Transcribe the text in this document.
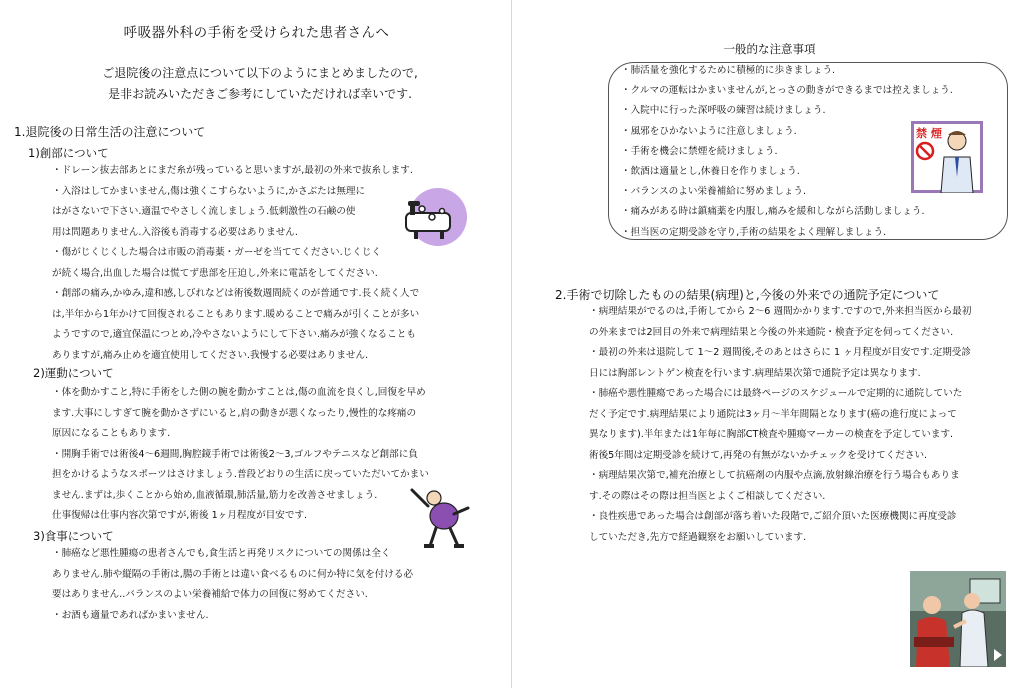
呼吸器外科の手術を受けられた患者さんへ
ご退院後の注意点について以下のようにまとめましたので,
是非お読みいただきご参考にしていただければ幸いです.
1.退院後の日常生活の注意について
1)創部について
・ドレーン抜去部あとにまだ糸が残っていると思いますが,最初の外来で抜糸します.
・入浴はしてかまいません,傷は強くこすらないように,かさぶたは無理に
はがさないで下さい.適温でやさしく流しましょう.低刺激性の石鹸の使
用は問題ありません.入浴後も消毒する必要はありません.
・傷がじくじくした場合は市販の消毒薬・ガーゼを当ててください.じくじく
が続く場合,出血した場合は慌てず患部を圧迫し,外来に電話をしてください.
・創部の痛み,かゆみ,違和感,しびれなどは術後数週間続くのが普通です.長く続く人で
は,半年から1年かけて回復されることもあります.暖めることで痛みが引くことが多い
ようですので,適宜保温につとめ,冷やさないようにして下さい.痛みが強くなることも
ありますが,痛み止めを適宜使用してください.我慢する必要はありません.
2)運動について
・体を動かすこと,特に手術をした側の腕を動かすことは,傷の血流を良くし,回復を早め
ます.大事にしすぎて腕を動かさずにいると,肩の動きが悪くなったり,慢性的な疼痛の
原因になることもあります.
・開胸手術では術後4～6週間,胸腔鏡手術では術後2～3,ゴルフやテニスなど創部に負
担をかけるようなスポーツはさけましょう.普段どおりの生活に戻っていただいてかまい
ません.まずは,歩くことから始め,血液循環,肺活量,筋力を改善させましょう.
仕事復帰は仕事内容次第ですが,術後 1ヶ月程度が目安です.
3)食事について
・肺癌など悪性腫瘍の患者さんでも,食生活と再発リスクについての関係は全く
ありません.肺や縦隔の手術は,腸の手術とは違い食べるものに何か特に気を付ける必
要はありません..バランスのよい栄養補給で体力の回復に努めてください.
・お酒も適量であればかまいません.
一般的な注意事項
・肺活量を強化するために積極的に歩きましょう.
・クルマの運転はかまいませんが,とっさの動きができるまでは控えましょう.
・入院中に行った深呼吸の練習は続けましょう.
・風邪をひかないように注意しましょう.
・手術を機会に禁煙を続けましょう.
・飲酒は適量とし,休養日を作りましょう.
・バランスのよい栄養補給に努めましょう.
・痛みがある時は鎮痛薬を内服し,痛みを緩和しながら活動しましょう.
・担当医の定期受診を守り,手術の結果をよく理解しましょう.
禁 煙
2.手術で切除したものの結果(病理)と,今後の外来での通院予定について
・病理結果がでるのは,手術してから 2～6 週間かかります.ですので,外来担当医から最初
の外来までは2回目の外来で病理結果と今後の外来通院・検査予定を伺ってください.
・最初の外来は退院して 1～2 週間後,そのあとはさらに 1 ヶ月程度が目安です.定期受診
日には胸部レントゲン検査を行います.病理結果次第で通院予定は異なります.
・肺癌や悪性腫瘍であった場合には最終ページのスケジュールで定期的に通院していた
だく予定です.病理結果により通院は3ヶ月～半年間隔となります(癌の進行度によって
異なります).半年または1年毎に胸部CT検査や腫瘍マーカーの検査を予定しています.
術後5年間は定期受診を続けて,再発の有無がないかチェックを受けてください.
・病理結果次第で,補充治療として抗癌剤の内服や点滴,放射線治療を行う場合もありま
す.その際はその際は担当医とよくご相談してください.
・良性疾患であった場合は創部が落ち着いた段階で,ご紹介頂いた医療機関に再度受診
していただき,先方で経過観察をお願いしています.
